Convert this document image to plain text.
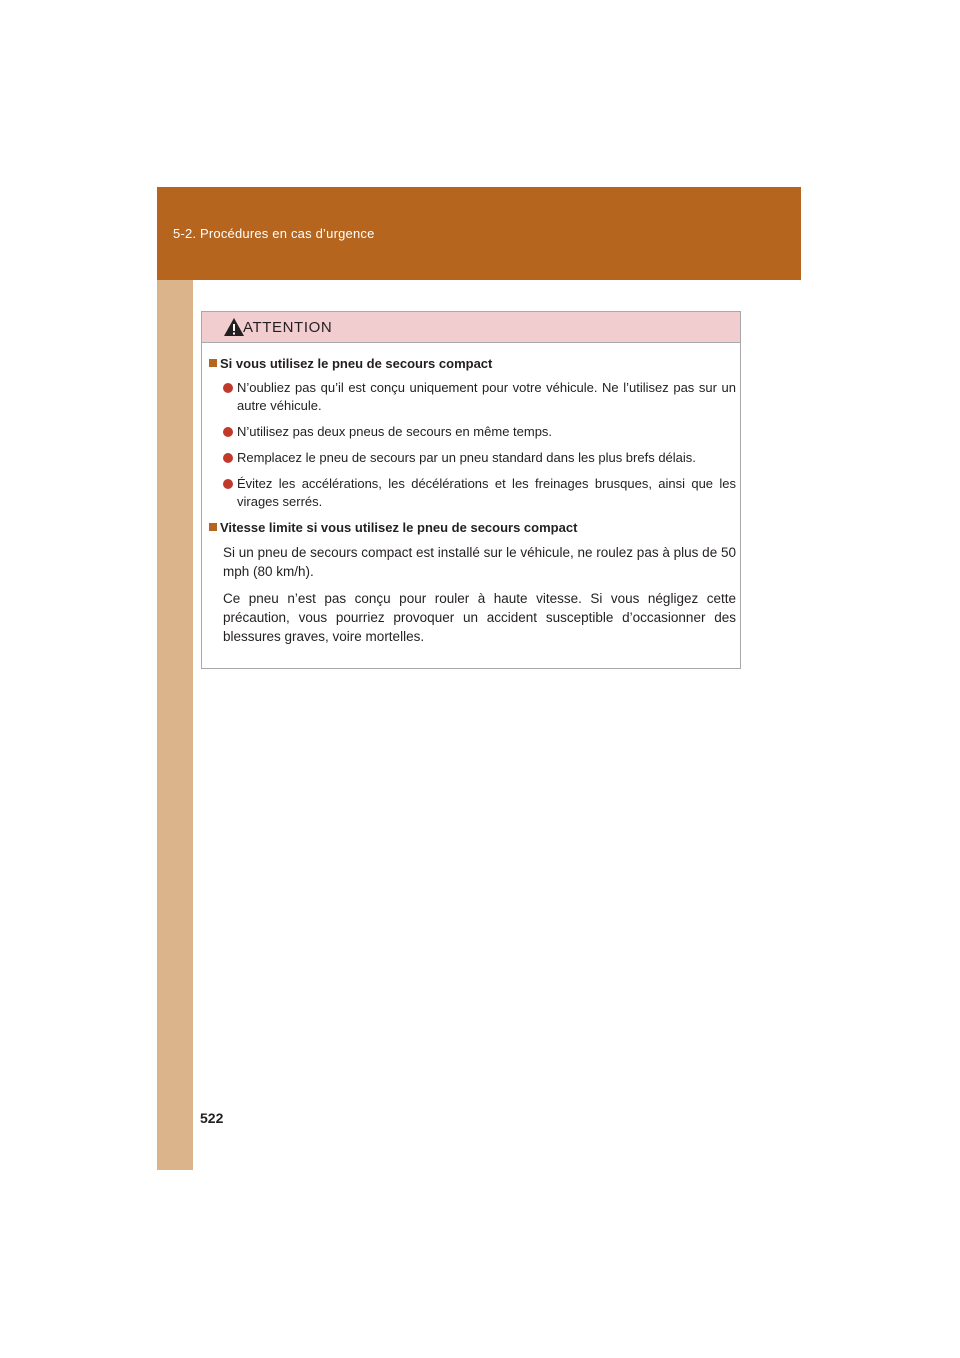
5-2. Procédures en cas d’urgence
ATTENTION
Si vous utilisez le pneu de secours compact
N’oubliez pas qu’il est conçu uniquement pour votre véhicule. Ne l’utilisez pas sur un autre véhicule.
N’utilisez pas deux pneus de secours en même temps.
Remplacez le pneu de secours par un pneu standard dans les plus brefs délais.
Évitez les accélérations, les décélérations et les freinages brusques, ainsi que les virages serrés.
Vitesse limite si vous utilisez le pneu de secours compact
Si un pneu de secours compact est installé sur le véhicule, ne roulez pas à plus de 50 mph (80 km/h).
Ce pneu n’est pas conçu pour rouler à haute vitesse. Si vous négligez cette précaution, vous pourriez provoquer un accident susceptible d’occasionner des blessures graves, voire mortelles.
522
